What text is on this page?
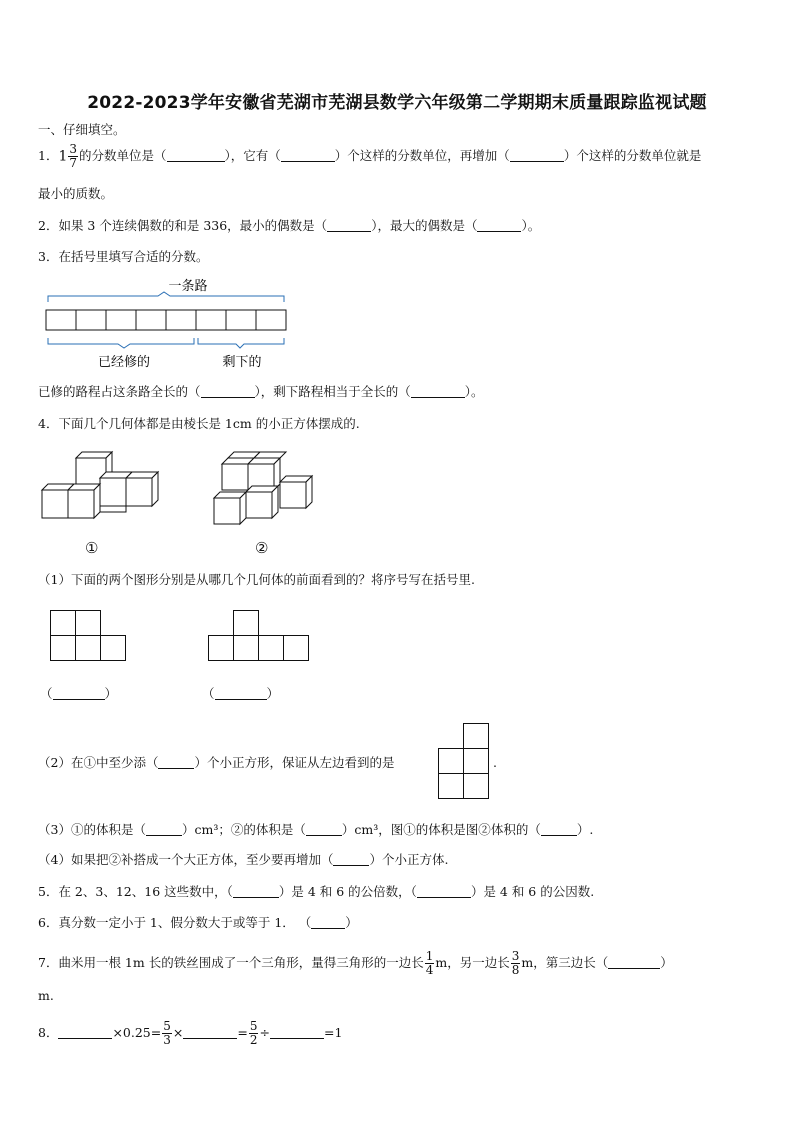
2022-2023学年安徽省芜湖市芜湖县数学六年级第二学期期末质量跟踪监视试题
一、仔细填空。
1．$1 \frac{3}{7}$ 的分数单位是（	），它有（	）个这样的分数单位，再增加（	）个这样的分数单位就是
最小的质数。
2．如果 3 个连续偶数的和是 336，最小的偶数是（	），最大的偶数是（	）。
3．在括号里填写合适的分数。
一条路
已经修的	剩下的
已修的路程占这条路全长的（	），剩下路程相当于全长的（	）。
4．下面几个几何体都是由棱长是 1cm 的小正方体摆成的.
①	②
（1）下面的两个图形分别是从哪几个几何体的前面看到的？将序号写在括号里.
（	）	（	）
（2）在①中至少添（	）个小正方形，保证从左边看到的是	.
（3）①的体积是（	）cm³；②的体积是（	）cm³，图①的体积是图②体积的（	）.
（4）如果把②补搭成一个大正方体，至少要再增加（	）个小正方体.
5．在 2、3、12、16 这些数中，（	）是 4 和 6 的公倍数，（	）是 4 和 6 的公因数.
6．真分数一定小于 1、假分数大于或等于 1． （	）
7．曲米用一根 1m 长的铁丝围成了一个三角形，量得三角形的一边长 $\frac{1}{4}$ m，另一边长 $\frac{3}{8}$ m，第三边长（	）
m.
8．	$\times 0.25= \frac{5}{3}$ ×	= $\frac{5}{2}$ ÷	=1
